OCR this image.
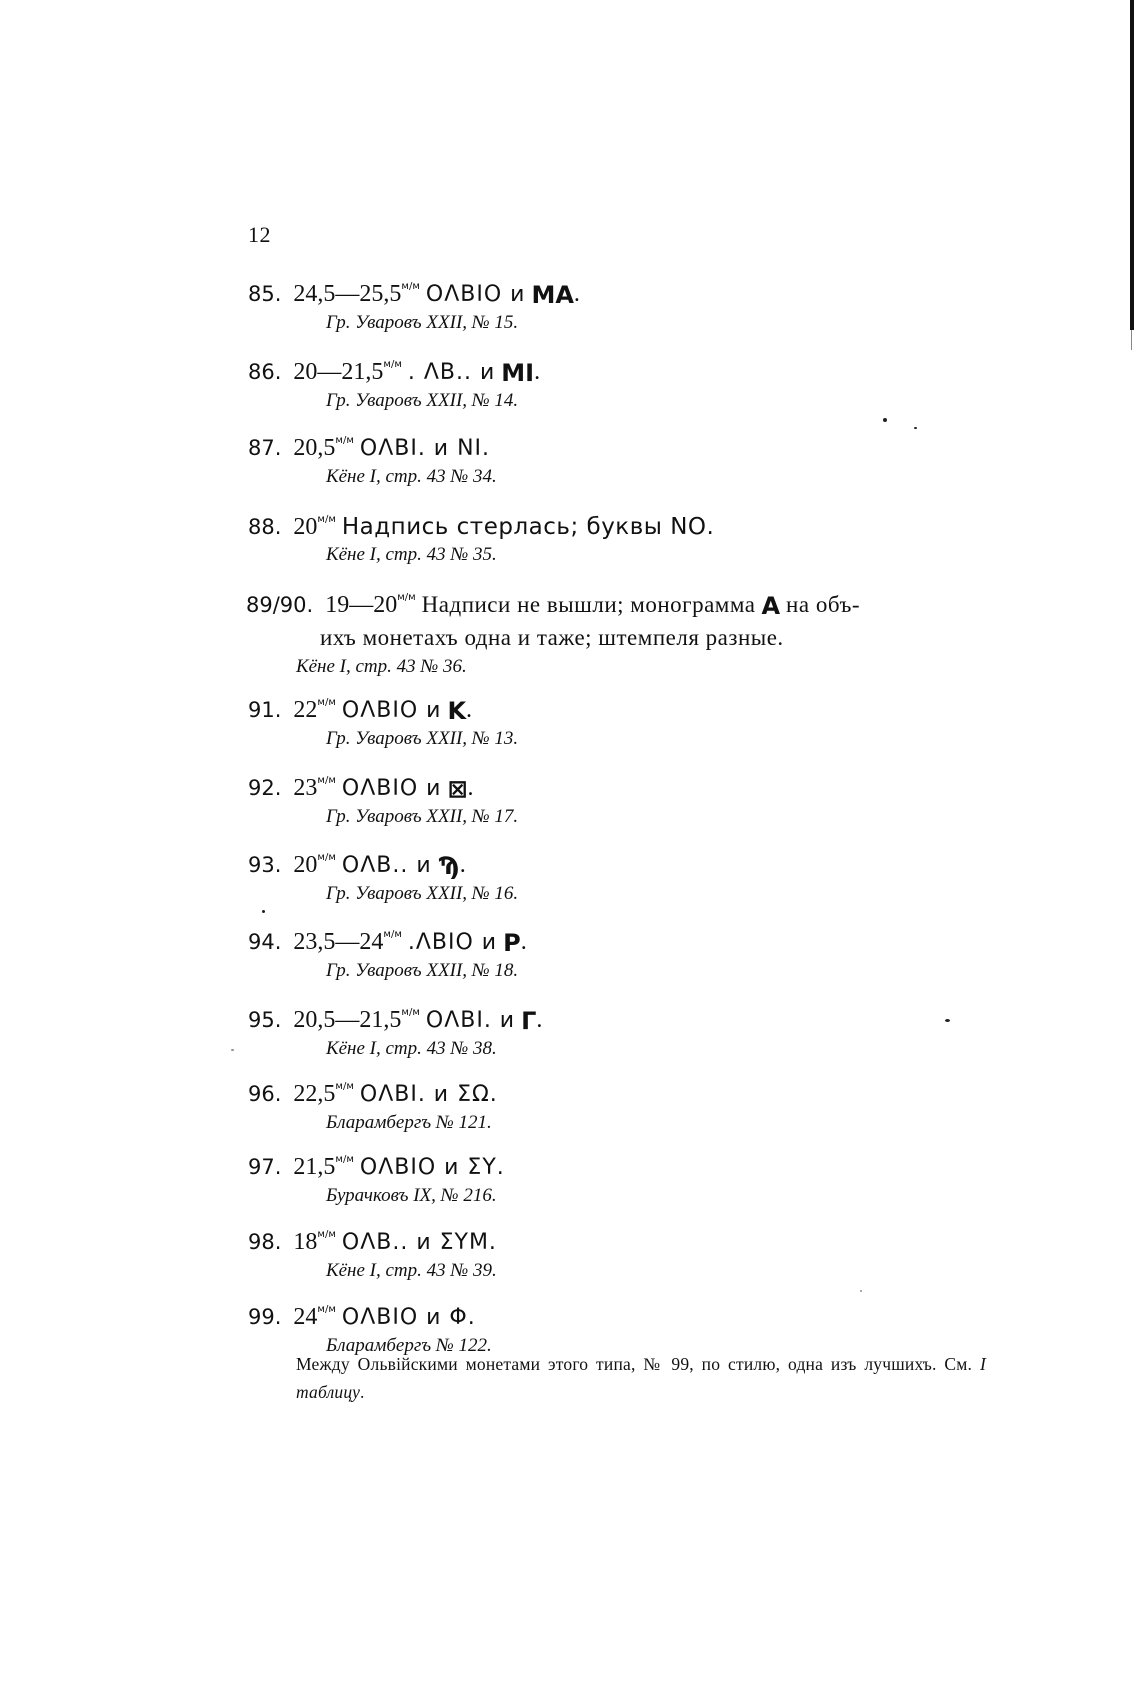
12
85. $24,5—25,5^{м/м}$ ОΛΒΙΟ и ΜΑ.
Гр. Уваровъ XXII, № 15.
86. $20—21,5^{м/м}$ . ΛΒ.. и ΜΙ.
Гр. Уваровъ XXII, № 14.
87. $20,5^{м/м}$ ΟΛΒΙ. и ΝΙ.
Кёне I, стр. 43 № 34.
88. $20^{м/м}$ Надпись стерлась; буквы ΝΟ.
Кёне I, стр. 43 № 35.
89/90. $19—20^{м/м}$ Надписи не вышли; монограмма Α на объ-
ихъ монетахъ одна и таже; штемпеля разные.
Кёне I, стр. 43 № 36.
91. $22^{м/м}$ ΟΛΒΙΟ и Κ.
Гр. Уваровъ XXII, № 13.
92. $23^{м/м}$ ΟΛΒΙΟ и ⊠.
Гр. Уваровъ XXII, № 17.
93. $20^{м/м}$ ΟΛΒ.. и Ϡ.
Гр. Уваровъ XXII, № 16.
94. $23,5—24^{м/м}$ .ΛΒΙΟ и Ρ.
Гр. Уваровъ XXII, № 18.
95. $20,5—21,5^{м/м}$ ΟΛΒΙ. и Γ.
Кёне I, стр. 43 № 38.
96. $22,5^{м/м}$ ΟΛΒΙ. и ΣΩ.
Бларамбергъ № 121.
97. $21,5^{м/м}$ ΟΛΒΙΟ и ΣΥ.
Бурачковъ IX, № 216.
98. $18^{м/м}$ ΟΛΒ.. и ΣΥΜ.
Кёне I, стр. 43 № 39.
99. $24^{м/м}$ ΟΛΒΙΟ и Φ.
Бларамбергъ № 122.
Между Ольвійскими монетами этого типа, № 99, по стилю, одна изъ лучшихъ. См. I таблицу.
